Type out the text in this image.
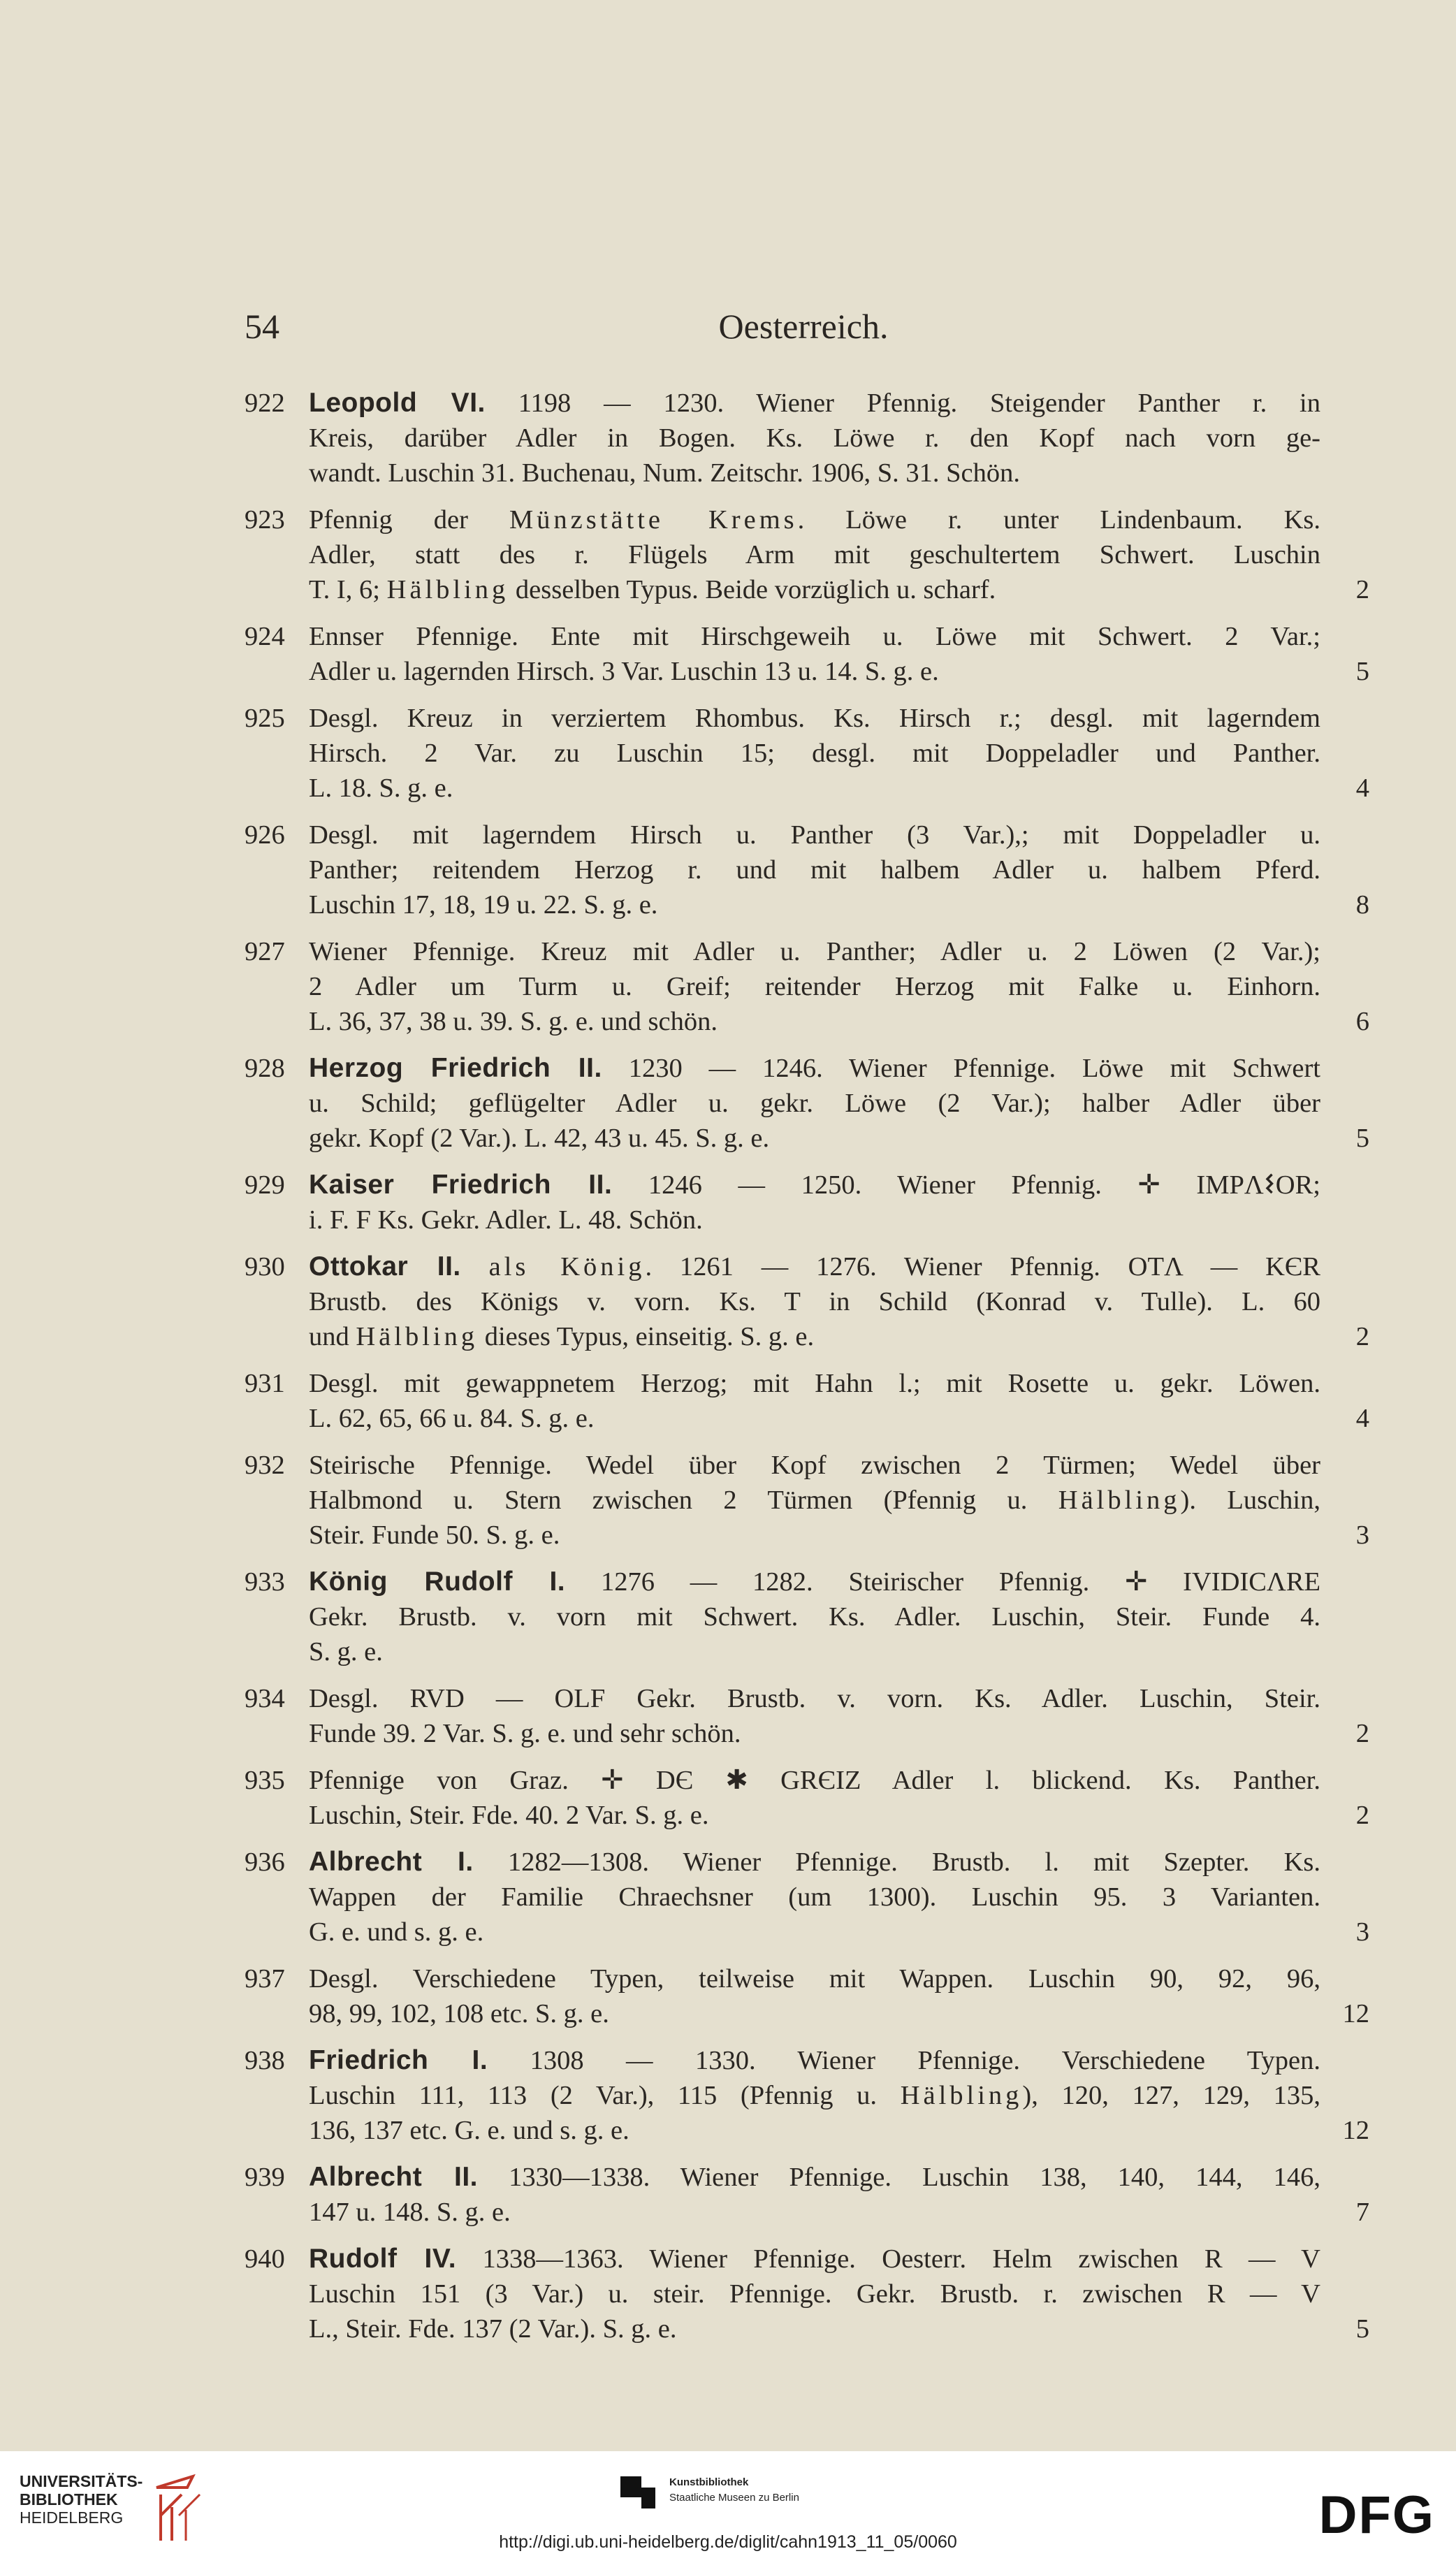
54	Oesterreich.
922 Leopold VI. 1198 — 1230. Wiener Pfennig. Steigender Panther r. in
Kreis, darüber Adler in Bogen. Ks. Löwe r. den Kopf nach vorn ge-
wandt. Luschin 31. Buchenau, Num. Zeitschr. 1906, S. 31. Schön.
923 Pfennig der Münzstätte Krems. Löwe r. unter Lindenbaum. Ks.
Adler, statt des r. Flügels Arm mit geschultertem Schwert. Luschin
T. I, 6; Hälbling desselben Typus. Beide vorzüglich u. scharf.	2
924 Ennser Pfennige. Ente mit Hirschgeweih u. Löwe mit Schwert. 2 Var.;
Adler u. lagernden Hirsch. 3 Var. Luschin 13 u. 14. S. g. e.	5
925 Desgl. Kreuz in verziertem Rhombus. Ks. Hirsch r.; desgl. mit lagerndem
Hirsch. 2 Var. zu Luschin 15; desgl. mit Doppeladler und Panther.
L. 18. S. g. e.	4
926 Desgl. mit lagerndem Hirsch u. Panther (3 Var.),; mit Doppeladler u.
Panther; reitendem Herzog r. und mit halbem Adler u. halbem Pferd.
Luschin 17, 18, 19 u. 22. S. g. e.	8
927 Wiener Pfennige. Kreuz mit Adler u. Panther; Adler u. 2 Löwen (2 Var.);
2 Adler um Turm u. Greif; reitender Herzog mit Falke u. Einhorn.
L. 36, 37, 38 u. 39. S. g. e. und schön.	6
928 Herzog Friedrich II. 1230 — 1246. Wiener Pfennige. Löwe mit Schwert
u. Schild; geflügelter Adler u. gekr. Löwe (2 Var.); halber Adler über
gekr. Kopf (2 Var.). L. 42, 43 u. 45. S. g. e.	5
929 Kaiser Friedrich II. 1246 — 1250. Wiener Pfennig. ✛ IMPΛ𐌔OR;
i. F. F Ks. Gekr. Adler. L. 48. Schön.
930 Ottokar II. als König. 1261 — 1276. Wiener Pfennig. OTΛ — KЄR
Brustb. des Königs v. vorn. Ks. T in Schild (Konrad v. Tulle). L. 60
und Hälbling dieses Typus, einseitig. S. g. e.	2
931 Desgl. mit gewappnetem Herzog; mit Hahn l.; mit Rosette u. gekr. Löwen.
L. 62, 65, 66 u. 84. S. g. e.	4
932 Steirische Pfennige. Wedel über Kopf zwischen 2 Türmen; Wedel über
Halbmond u. Stern zwischen 2 Türmen (Pfennig u. Hälbling). Luschin,
Steir. Funde 50. S. g. e.	3
933 König Rudolf I. 1276 — 1282. Steirischer Pfennig. ✛ IVIDICΛRE
Gekr. Brustb. v. vorn mit Schwert. Ks. Adler. Luschin, Steir. Funde 4.
S. g. e.
934 Desgl. RVD — OLF Gekr. Brustb. v. vorn. Ks. Adler. Luschin, Steir.
Funde 39. 2 Var. S. g. e. und sehr schön.	2
935 Pfennige von Graz. ✛ DЄ ✱ GRЄIZ Adler l. blickend. Ks. Panther.
Luschin, Steir. Fde. 40. 2 Var. S. g. e.	2
936 Albrecht I. 1282—1308. Wiener Pfennige. Brustb. l. mit Szepter. Ks.
Wappen der Familie Chraechsner (um 1300). Luschin 95. 3 Varianten.
G. e. und s. g. e.	3
937 Desgl. Verschiedene Typen, teilweise mit Wappen. Luschin 90, 92, 96,
98, 99, 102, 108 etc. S. g. e.	12
938 Friedrich I. 1308 — 1330. Wiener Pfennige. Verschiedene Typen.
Luschin 111, 113 (2 Var.), 115 (Pfennig u. Hälbling), 120, 127, 129, 135,
136, 137 etc. G. e. und s. g. e.	12
939 Albrecht II. 1330—1338. Wiener Pfennige. Luschin 138, 140, 144, 146,
147 u. 148. S. g. e.	7
940 Rudolf IV. 1338—1363. Wiener Pfennige. Oesterr. Helm zwischen R — V
Luschin 151 (3 Var.) u. steir. Pfennige. Gekr. Brustb. r. zwischen R — V
L., Steir. Fde. 137 (2 Var.). S. g. e.	5
UNIVERSITÄTS-
BIBLIOTHEK
HEIDELBERG
Kunstbibliothek
Staatliche Museen zu Berlin	DFG
http://digi.ub.uni-heidelberg.de/diglit/cahn1913_11_05/0060
